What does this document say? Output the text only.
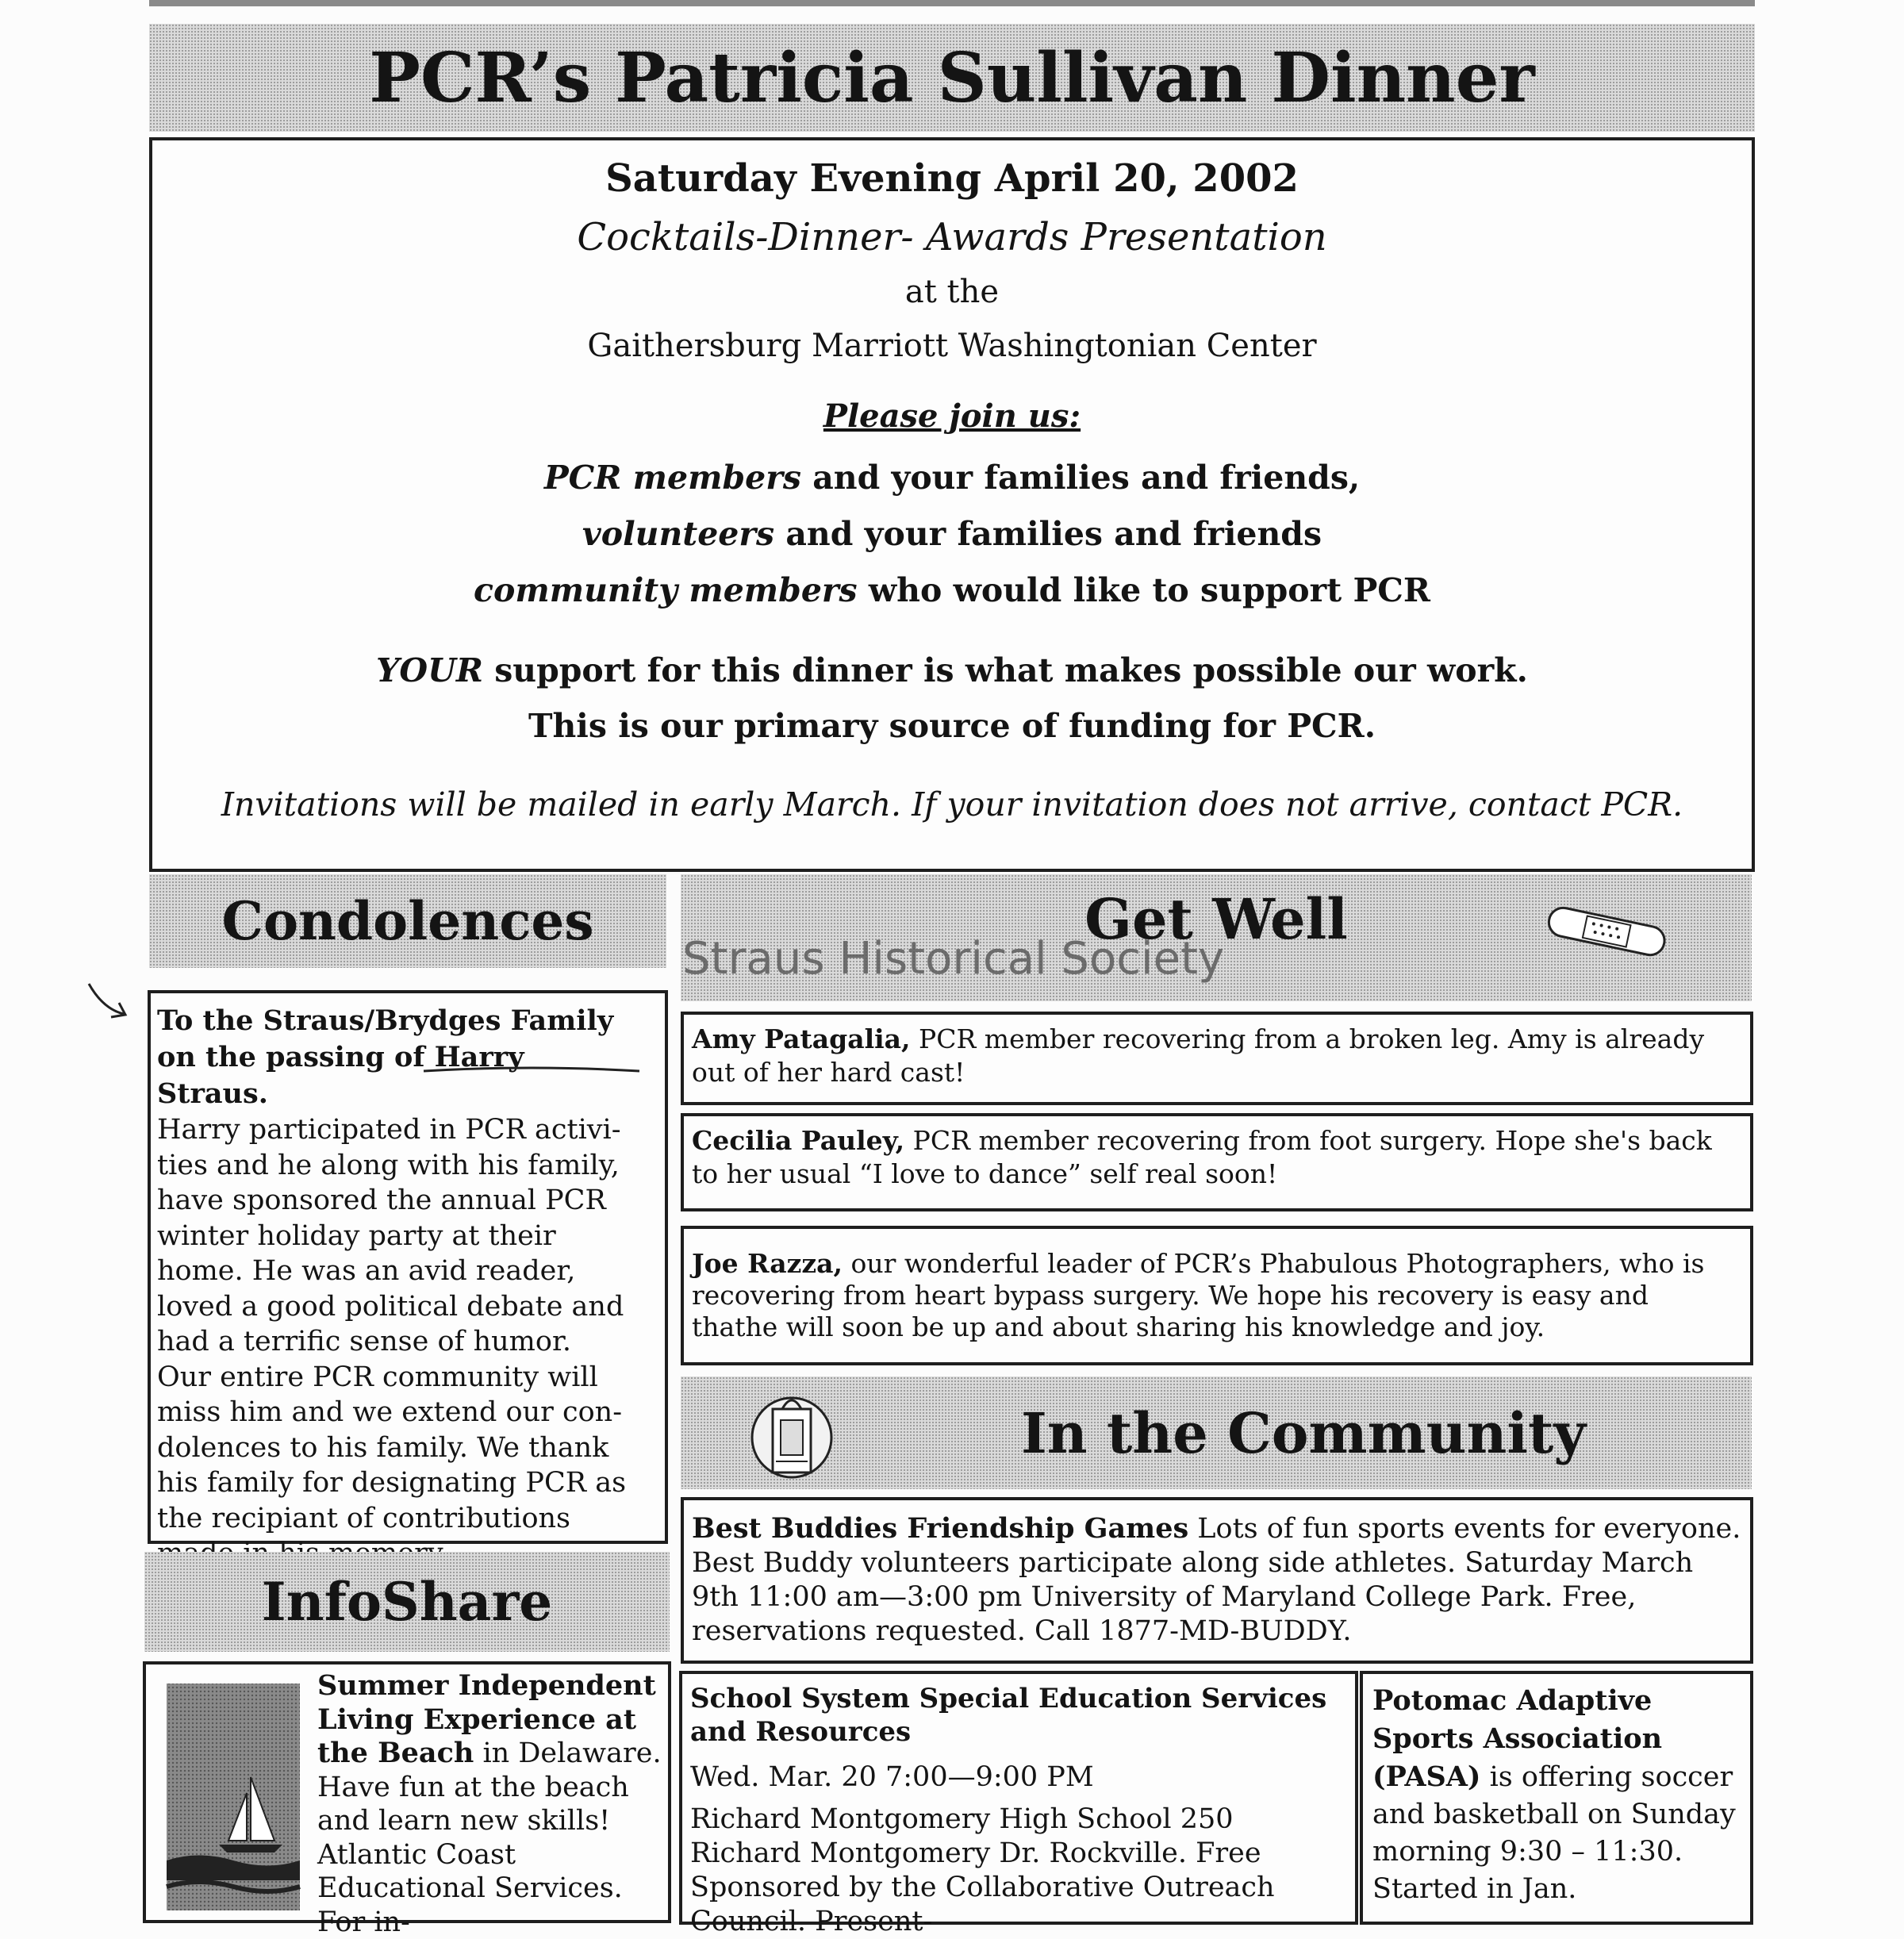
PCR’s Patricia Sullivan Dinner

Saturday Evening April 20, 2002

Cocktails-Dinner- Awards Presentation

at the

Gaithersburg Marriott Washingtonian Center

Please join us:

PCR members and your families and friends,
volunteers and your families and friends
community members who would like to support PCR
YOUR support for this dinner is what makes possible our work.
This is our primary source of funding for PCR.

Invitations will be mailed in early March. If your invitation does not arrive, contact PCR.

Condolences
To the Straus/Brydges Family on the passing of Harry Straus.
Harry participated in PCR activi-
ties and he along with his family,
have sponsored the annual PCR
winter holiday party at their
home. He was an avid reader,
loved a good political debate and
had a terrific sense of humor.
Our entire PCR community will
miss him and we extend our con-
dolences to his family. We thank
his family for designating PCR as
the recipiant of contributions
InfoShare
Summer Independent Living Experience at the Beach in Delaware. Have fun at the beach and learn new skills! Atlantic Coast Educational Services. For in-
Get Well
Straus Historical Society
Amy Patagalia, PCR member recovering from a broken leg. Amy is already out of her hard cast!
Cecilia Pauley, PCR member recovering from foot surgery. Hope she's back to her usual “I love to dance” self real soon!
Joe Razza, our wonderful leader of PCR’s Phabulous Photographers, who is recovering from heart bypass surgery. We hope his recovery is easy and thathe will soon be up and about sharing his knowledge and joy.
In the Community
Best Buddies Friendship Games Lots of fun sports events for everyone. Best Buddy volunteers participate along side athletes. Saturday March 9th 11:00 am—3:00 pm University of Maryland College Park. Free, reservations requested. Call 1877-MD-BUDDY.
School System Special Education Services and Resources
Wed. Mar. 20 7:00—9:00 PM
Richard Montgomery High School 250 Richard Montgomery Dr. Rockville. Free Sponsored by the Collaborative Outreach Council. Present-
Potomac Adaptive Sports Association (PASA) is offering soccer and basketball on Sunday morning 9:30 – 11:30. Started in Jan.
